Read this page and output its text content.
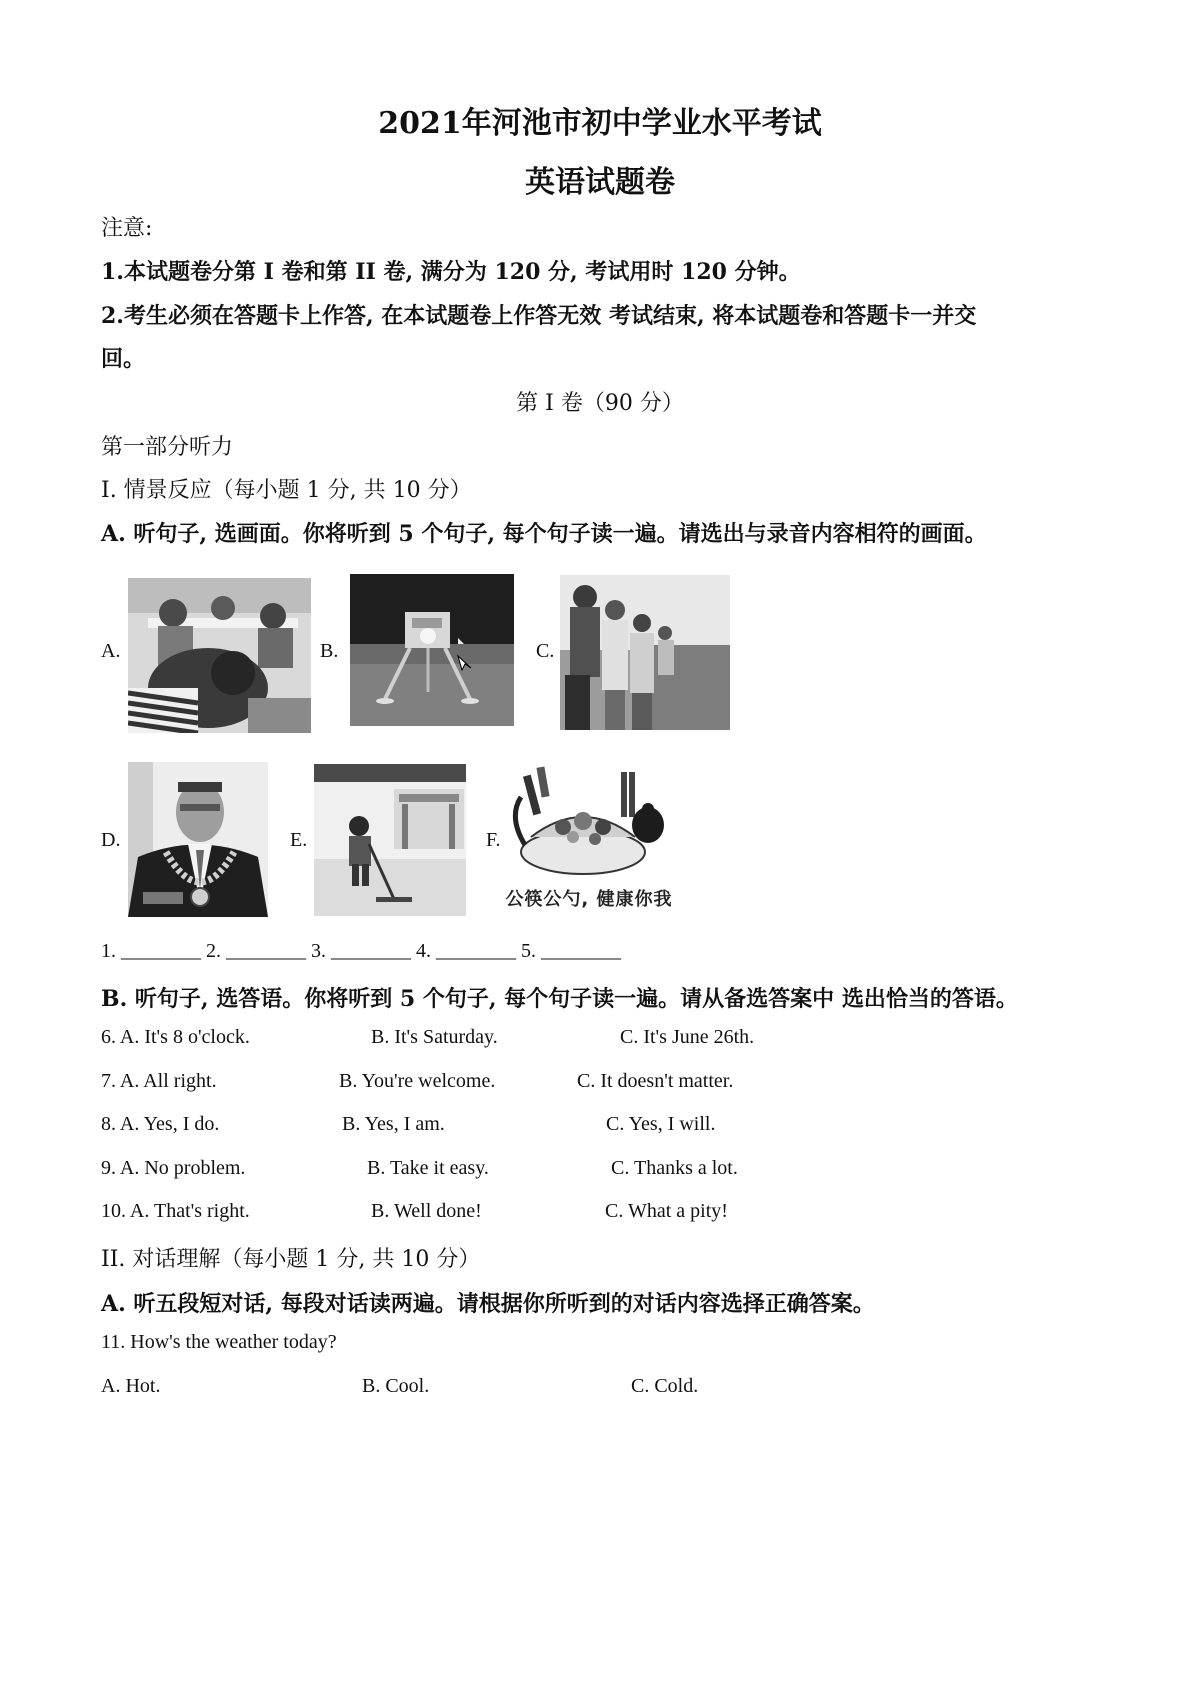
2021年河池市初中学业水平考试
英语试题卷
注意:
1.本试题卷分第 I 卷和第 II 卷, 满分为 120 分, 考试用时 120 分钟。
2.考生必须在答题卡上作答, 在本试题卷上作答无效 考试结束, 将本试题卷和答题卡一并交
回。
第 I 卷（90 分）
第一部分听力
I. 情景反应（每小题 1 分, 共 10 分）
A. 听句子, 选画面。你将听到 5 个句子, 每个句子读一遍。请选出与录音内容相符的画面。
A.	B.	C.
D.	E.	F.
公筷公勺, 健康你我
1. ________ 2. ________ 3. ________ 4. ________ 5. ________
B. 听句子, 选答语。你将听到 5 个句子, 每个句子读一遍。请从备选答案中 选出恰当的答语。
6. A. It's 8 o'clock.	B. It's Saturday.	C. It's June 26th.
7. A. All right.	B. You're welcome.	C. It doesn't matter.
8. A. Yes, I do.	B. Yes, I am.	C. Yes, I will.
9. A. No problem.	B. Take it easy.	C. Thanks a lot.
10. A. That's right.	B. Well done!	C. What a pity!
II. 对话理解（每小题 1 分, 共 10 分）
A. 听五段短对话, 每段对话读两遍。请根据你所听到的对话内容选择正确答案。
11. How's the weather today?
A. Hot.	B. Cool.	C. Cold.
